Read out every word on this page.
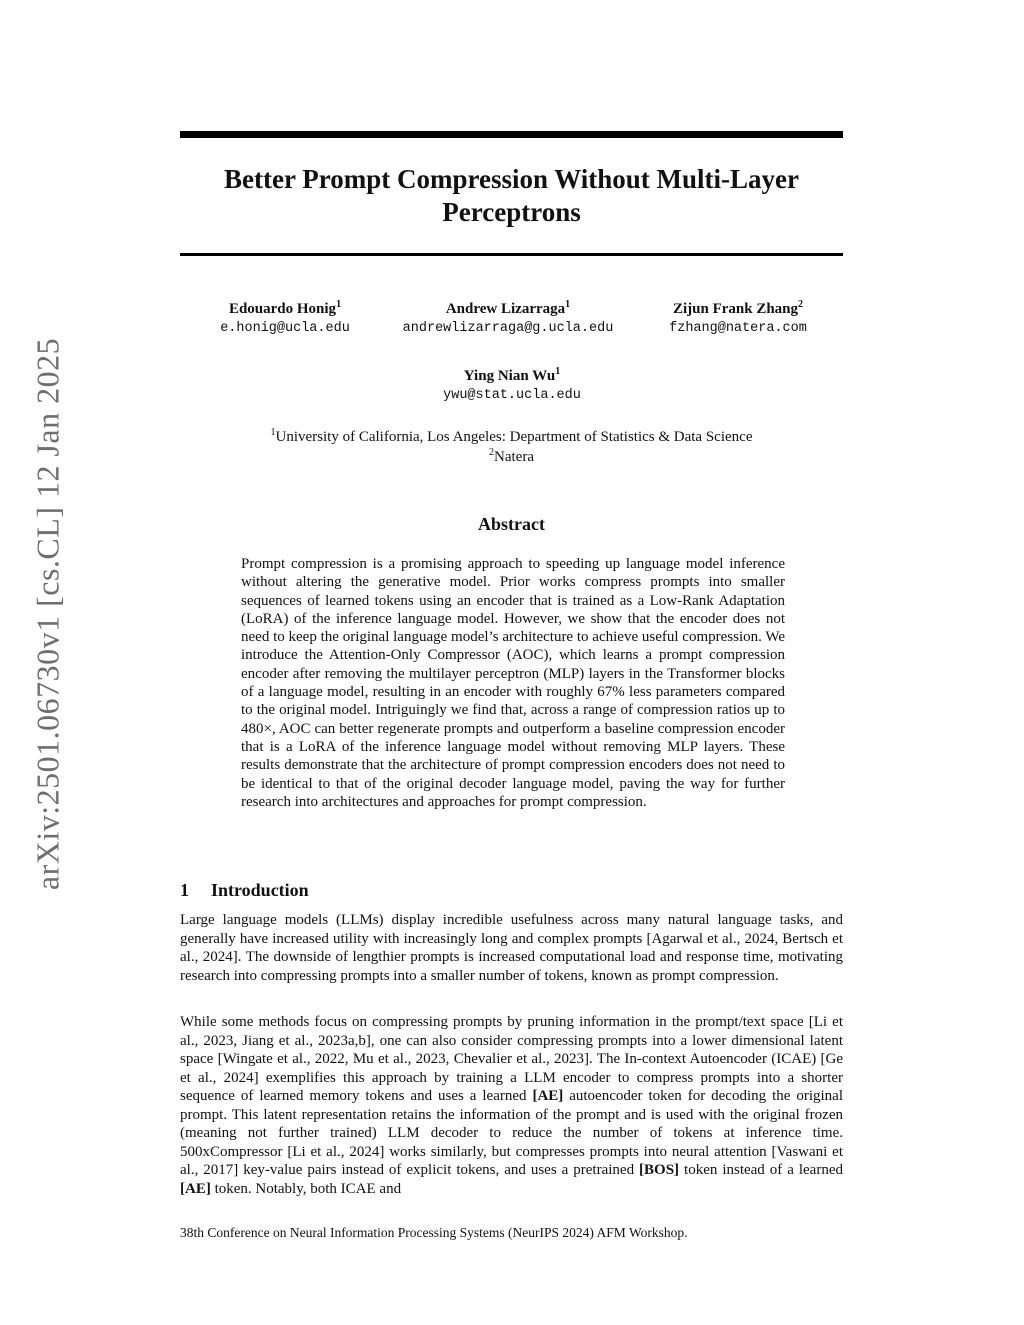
arXiv:2501.06730v1 [cs.CL] 12 Jan 2025
Better Prompt Compression Without Multi-Layer Perceptrons
Edouardo Honig$^1$
e.honig@ucla.edu
Andrew Lizarraga$^1$
andrewlizarraga@g.ucla.edu
Zijun Frank Zhang$^2$
fzhang@natera.com
Ying Nian Wu$^1$
ywu@stat.ucla.edu
$^1$University of California, Los Angeles: Department of Statistics & Data Science
$^2$Natera
Abstract

Prompt compression is a promising approach to speeding up language model inference without altering the generative model. Prior works compress prompts into smaller sequences of learned tokens using an encoder that is trained as a Low-Rank Adaptation (LoRA) of the inference language model. However, we show that the encoder does not need to keep the original language model’s architecture to achieve useful compression. We introduce the Attention-Only Compressor (AOC), which learns a prompt compression encoder after removing the multilayer perceptron (MLP) layers in the Transformer blocks of a language model, resulting in an encoder with roughly 67% less parameters compared to the original model. Intriguingly we find that, across a range of compression ratios up to 480×, AOC can better regenerate prompts and outperform a baseline compression encoder that is a LoRA of the inference language model without removing MLP layers. These results demonstrate that the architecture of prompt compression encoders does not need to be identical to that of the original decoder language model, paving the way for further research into architectures and approaches for prompt compression.

1 Introduction

Large language models (LLMs) display incredible usefulness across many natural language tasks, and generally have increased utility with increasingly long and complex prompts [Agarwal et al., 2024, Bertsch et al., 2024]. The downside of lengthier prompts is increased computational load and response time, motivating research into compressing prompts into a smaller number of tokens, known as prompt compression.

While some methods focus on compressing prompts by pruning information in the prompt/text space [Li et al., 2023, Jiang et al., 2023a,b], one can also consider compressing prompts into a lower dimensional latent space [Wingate et al., 2022, Mu et al., 2023, Chevalier et al., 2023]. The In-context Autoencoder (ICAE) [Ge et al., 2024] exemplifies this approach by training a LLM encoder to compress prompts into a shorter sequence of learned memory tokens and uses a learned [AE] autoencoder token for decoding the original prompt. This latent representation retains the information of the prompt and is used with the original frozen (meaning not further trained) LLM decoder to reduce the number of tokens at inference time. 500xCompressor [Li et al., 2024] works similarly, but compresses prompts into neural attention [Vaswani et al., 2017] key-value pairs instead of explicit tokens, and uses a pretrained [BOS] token instead of a learned [AE] token. Notably, both ICAE and

38th Conference on Neural Information Processing Systems (NeurIPS 2024) AFM Workshop.
